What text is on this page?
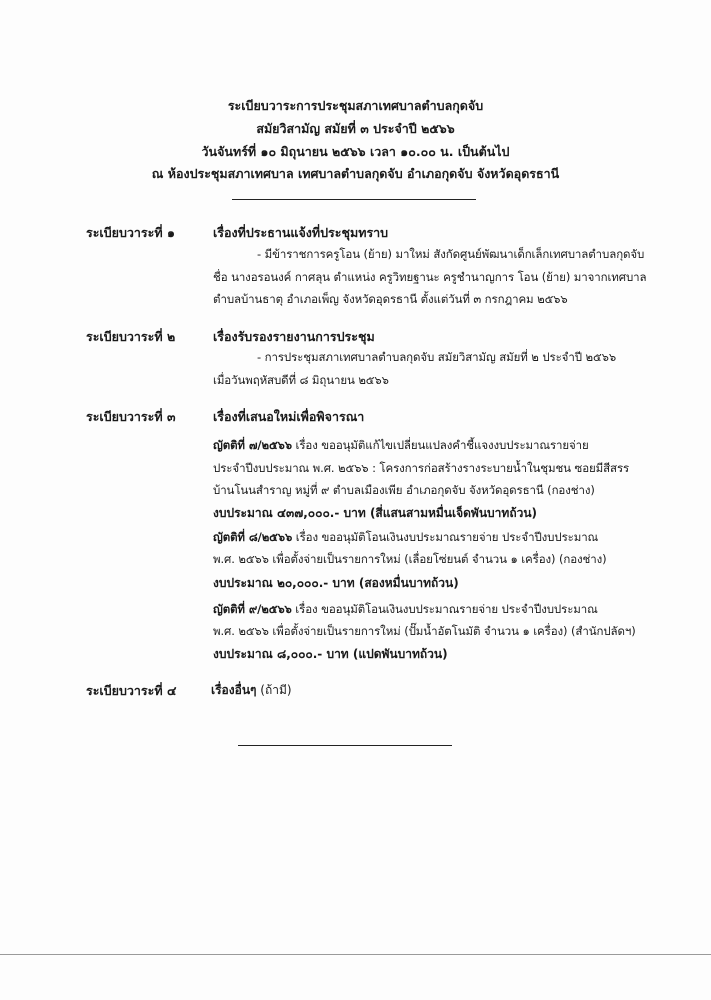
ระเบียบวาระการประชุมสภาเทศบาลตำบลกุดจับ
สมัยวิสามัญ สมัยที่ ๓ ประจำปี ๒๕๖๖
วันจันทร์ที่ ๑๐ มิถุนายน ๒๕๖๖ เวลา ๑๐.๐๐ น. เป็นต้นไป
ณ ห้องประชุมสภาเทศบาล เทศบาลตำบลกุดจับ อำเภอกุดจับ จังหวัดอุดรธานี
ระเบียบวาระที่ ๑	เรื่องที่ประธานแจ้งที่ประชุมทราบ
- มีข้าราชการครูโอน (ย้าย) มาใหม่ สังกัดศูนย์พัฒนาเด็กเล็กเทศบาลตำบลกุดจับ
ชื่อ นางอรอนงค์ กาศลุน ตำแหน่ง ครูวิทยฐานะ ครูชำนาญการ โอน (ย้าย) มาจากเทศบาล
ตำบลบ้านธาตุ อำเภอเพ็ญ จังหวัดอุดรธานี ตั้งแต่วันที่ ๓ กรกฎาคม ๒๕๖๖
ระเบียบวาระที่ ๒	เรื่องรับรองรายงานการประชุม
- การประชุมสภาเทศบาลตำบลกุดจับ สมัยวิสามัญ สมัยที่ ๒ ประจำปี ๒๕๖๖
เมื่อวันพฤหัสบดีที่ ๘ มิถุนายน ๒๕๖๖
ระเบียบวาระที่ ๓	เรื่องที่เสนอใหม่เพื่อพิจารณา
ญัตติที่ ๗/๒๕๖๖ เรื่อง ขออนุมัติแก้ไขเปลี่ยนแปลงคำชี้แจงงบประมาณรายจ่าย
ประจำปีงบประมาณ พ.ศ. ๒๕๖๖ : โครงการก่อสร้างรางระบายน้ำในชุมชน ซอยมีสีสรร
บ้านโนนสำราญ หมู่ที่ ๙ ตำบลเมืองเพีย อำเภอกุดจับ จังหวัดอุดรธานี (กองช่าง)
งบประมาณ ๔๓๗,๐๐๐.- บาท (สี่แสนสามหมื่นเจ็ดพันบาทถ้วน)
ญัตติที่ ๘/๒๕๖๖ เรื่อง ขออนุมัติโอนเงินงบประมาณรายจ่าย ประจำปีงบประมาณ
พ.ศ. ๒๕๖๖ เพื่อตั้งจ่ายเป็นรายการใหม่ (เลื่อยโซ่ยนต์ จำนวน ๑ เครื่อง) (กองช่าง)
งบประมาณ ๒๐,๐๐๐.- บาท (สองหมื่นบาทถ้วน)
ญัตติที่ ๙/๒๕๖๖ เรื่อง ขออนุมัติโอนเงินงบประมาณรายจ่าย ประจำปีงบประมาณ
พ.ศ. ๒๕๖๖ เพื่อตั้งจ่ายเป็นรายการใหม่ (ปั๊มน้ำอัตโนมัติ จำนวน ๑ เครื่อง) (สำนักปลัดฯ)
งบประมาณ ๘,๐๐๐.- บาท (แปดพันบาทถ้วน)
ระเบียบวาระที่ ๔	เรื่องอื่นๆ (ถ้ามี)
